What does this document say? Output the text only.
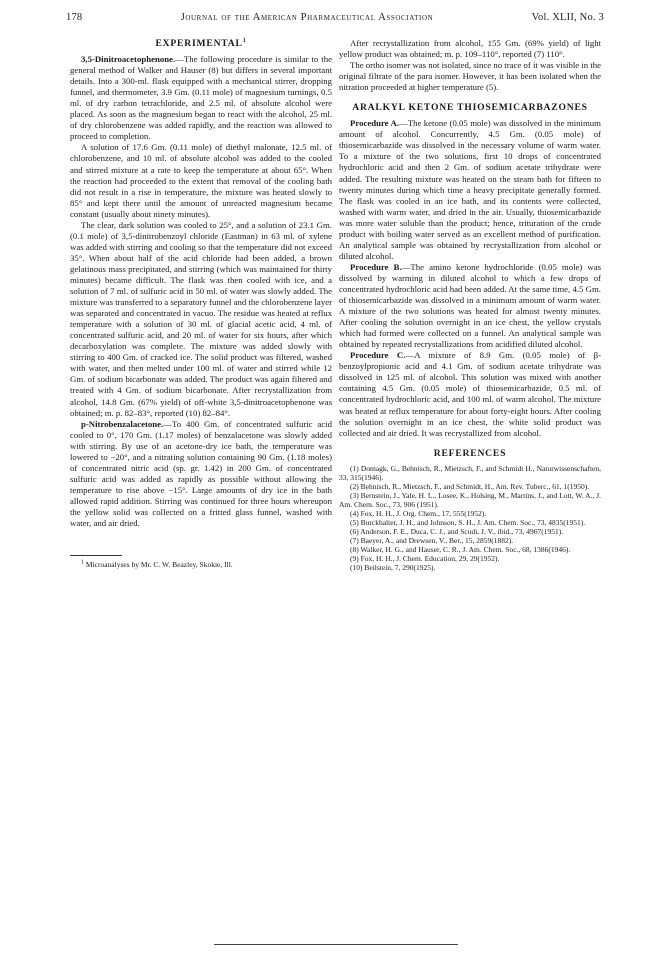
178	Journal of the American Pharmaceutical Association	Vol. XLII, No. 3
EXPERIMENTAL$^1$

3,5-Dinitroacetophenone.—The following procedure is similar to the general method of Walker and Hauser (8) but differs in several important details. Into a 300-ml. flask equipped with a mechanical stirrer, dropping funnel, and thermometer, 3.9 Gm. (0.11 mole) of magnesium turnings, 0.5 ml. of dry carbon tetrachloride, and 2.5 ml. of absolute alcohol were placed. As soon as the magnesium began to react with the alcohol, 25 ml. of dry chlorobenzene was added rapidly, and the reaction was allowed to proceed to completion.

A solution of 17.6 Gm. (0.11 mole) of diethyl malonate, 12.5 ml. of chlorobenzene, and 10 ml. of absolute alcohol was added to the cooled and stirred mixture at a rate to keep the temperature at about 65°. When the reaction had proceeded to the extent that removal of the cooling bath did not result in a rise in temperature, the mixture was heated slowly to 85° and kept there until the amount of unreacted magnesium became constant (usually about ninety minutes).

The clear, dark solution was cooled to 25°, and a solution of 23.1 Gm. (0.1 mole) of 3,5-dinitrobenzoyl chloride (Eastman) in 63 ml. of xylene was added with stirring and cooling so that the temperature did not exceed 35°. When about half of the acid chloride had been added, a brown gelatinous mass precipitated, and stirring (which was maintained for thirty minutes) became difficult. The flask was then cooled with ice, and a solution of 7 ml. of sulfuric acid in 50 ml. of water was slowly added. The mixture was transferred to a separatory funnel and the chlorobenzene layer was separated and concentrated in vacuo. The residue was heated at reflux temperature with a solution of 30 ml. of glacial acetic acid, 4 ml. of concentrated sulfuric acid, and 20 ml. of water for six hours, after which decarboxylation was complete. The mixture was added slowly with stirring to 400 Gm. of cracked ice. The solid product was filtered, washed with water, and then melted under 100 ml. of water and stirred while 12 Gm. of sodium bicarbonate was added. The product was again filtered and treated with 4 Gm. of sodium bicarbonate. After recrystallization from alcohol, 14.8 Gm. (67% yield) of off-white 3,5-dinitroacetophenone was obtained; m. p. 82–83°, reported (10) 82–84°.

p-Nitrobenzalacetone.—To 400 Gm. of concentrated sulfuric acid cooled to 0°, 170 Gm. (1.17 moles) of benzalacetone was slowly added with stirring. By use of an acetone-dry ice bath, the temperature was lowered to −20°, and a nitrating solution containing 90 Gm. (1.18 moles) of concentrated nitric acid (sp. gr. 1.42) in 200 Gm. of concentrated sulfuric acid was added as rapidly as possible without allowing the temperature to rise above −15°. Large amounts of dry ice in the bath allowed rapid addition. Stirring was continued for three hours whereupon the yellow solid was collected on a fritted glass funnel, washed with water, and air dried.

$^1$ Microanalyses by Mr. C. W. Beazley, Skokie, Ill.

After recrystallization from alcohol, 155 Gm. (69% yield) of light yellow product was obtained; m. p. 109–110°, reported (7) 110°.

The ortho isomer was not isolated, since no trace of it was visible in the original filtrate of the para isomer. However, it has been isolated when the nitration proceeded at higher temperature (5).

ARALKYL KETONE THIOSEMICARBAZONES

Procedure A.—The ketone (0.05 mole) was dissolved in the minimum amount of alcohol. Concurrently, 4.5 Gm. (0.05 mole) of thiosemicarbazide was dissolved in the necessary volume of warm water. To a mixture of the two solutions, first 10 drops of concentrated hydrochloric acid and then 2 Gm. of sodium acetate trihydrate were added. The resulting mixture was heated on the steam bath for fifteen to twenty minutes during which time a heavy precipitate generally formed. The flask was cooled in an ice bath, and its contents were collected, washed with warm water, and dried in the air. Usually, thiosemicarbazide was more water soluble than the product; hence, trituration of the crude product with boiling water served as an excellent method of purification. An analytical sample was obtained by recrystallization from alcohol or diluted alcohol.

Procedure B.—The amino ketone hydrochloride (0.05 mole) was dissolved by warming in diluted alcohol to which a few drops of concentrated hydrochloric acid had been added. At the same time, 4.5 Gm. of thiosemicarbazide was dissolved in a minimum amount of warm water. A mixture of the two solutions was heated for almost twenty minutes. After cooling the solution overnight in an ice chest, the yellow crystals which had formed were collected on a funnel. An analytical sample was obtained by repeated recrystallizations from acidified diluted alcohol.

Procedure C.—A mixture of 8.9 Gm. (0.05 mole) of β-benzoylpropionic acid and 4.1 Gm. of sodium acetate trihydrate was dissolved in 125 ml. of alcohol. This solution was mixed with another containing 4.5 Gm. (0.05 mole) of thiosemicarbazide, 0.5 ml. of concentrated hydrochloric acid, and 100 ml. of warm alcohol. The mixture was heated at reflux temperature for about forty-eight hours. After cooling the solution overnight in an ice chest, the white solid product was collected and air dried. It was recrystallized from alcohol.

REFERENCES

(1) Domagk, G., Behnisch, R., Mietzsch, F., and Schmidt H., Naturwissenschaften, 33, 315(1946).

(2) Behnisch, R., Mietzsch, F., and Schmidt, H., Am. Rev. Tuberc., 61, 1(1950).

(3) Bernstein, J., Yale, H. L., Losee, K., Holsing, M., Martins, J., and Lott, W. A., J. Am. Chem. Soc., 73, 906 (1951).

(4) Fox, H. H., J. Org. Chem., 17, 555(1952).

(5) Burckhalter, J. H., and Johnson, S. H., J. Am. Chem. Soc., 73, 4835(1951).

(6) Anderson, F. E., Duca, C. J., and Scudi, J. V., ibid., 73, 4967(1951).

(7) Baeyer, A., and Drewsen, V., Ber., 15, 2859(1882).

(8) Walker, H. G., and Hauser, C. R., J. Am. Chem. Soc., 68, 1386(1946).

(9) Fox, H. H., J. Chem. Education, 29, 29(1952).

(10) Beilstein, 7, 290(1925).
